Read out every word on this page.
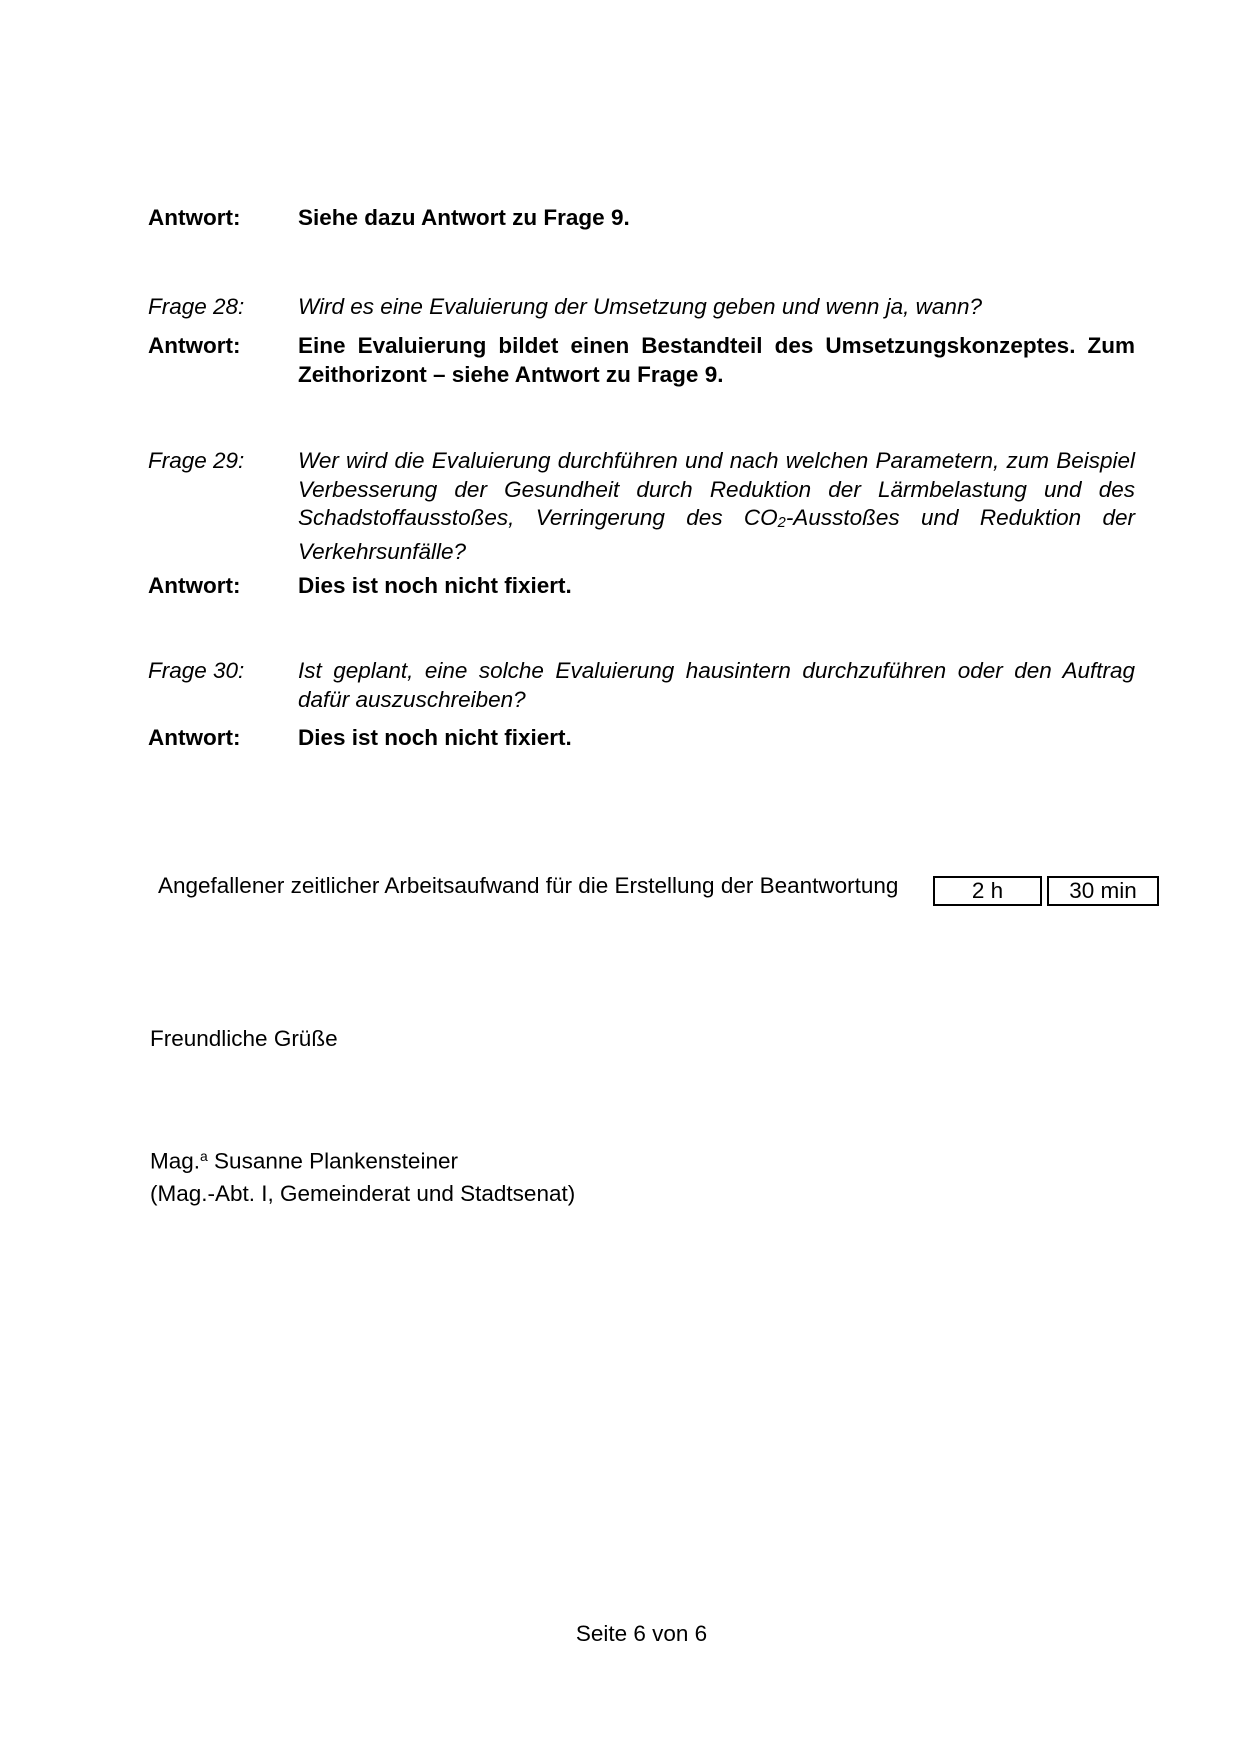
Antwort:	Siehe dazu Antwort zu Frage 9.
Frage 28:	Wird es eine Evaluierung der Umsetzung geben und wenn ja, wann?
Antwort:	Eine Evaluierung bildet einen Bestandteil des Umsetzungskonzeptes. Zum Zeithorizont – siehe Antwort zu Frage 9.
Frage 29:	Wer wird die Evaluierung durchführen und nach welchen Parametern, zum Beispiel Verbesserung der Gesundheit durch Reduktion der Lärmbelastung und des Schadstoffausstoßes, Verringerung des CO2-Ausstoßes und Reduktion der Verkehrsunfälle?
Antwort:	Dies ist noch nicht fixiert.
Frage 30:	Ist geplant, eine solche Evaluierung hausintern durchzuführen oder den Auftrag dafür auszuschreiben?
Antwort:	Dies ist noch nicht fixiert.
Angefallener zeitlicher Arbeitsaufwand für die Erstellung der Beantwortung	2 h	30 min
Freundliche Grüße
Mag.$^a$ Susanne Plankensteiner
(Mag.-Abt. I, Gemeinderat und Stadtsenat)
Seite 6 von 6
